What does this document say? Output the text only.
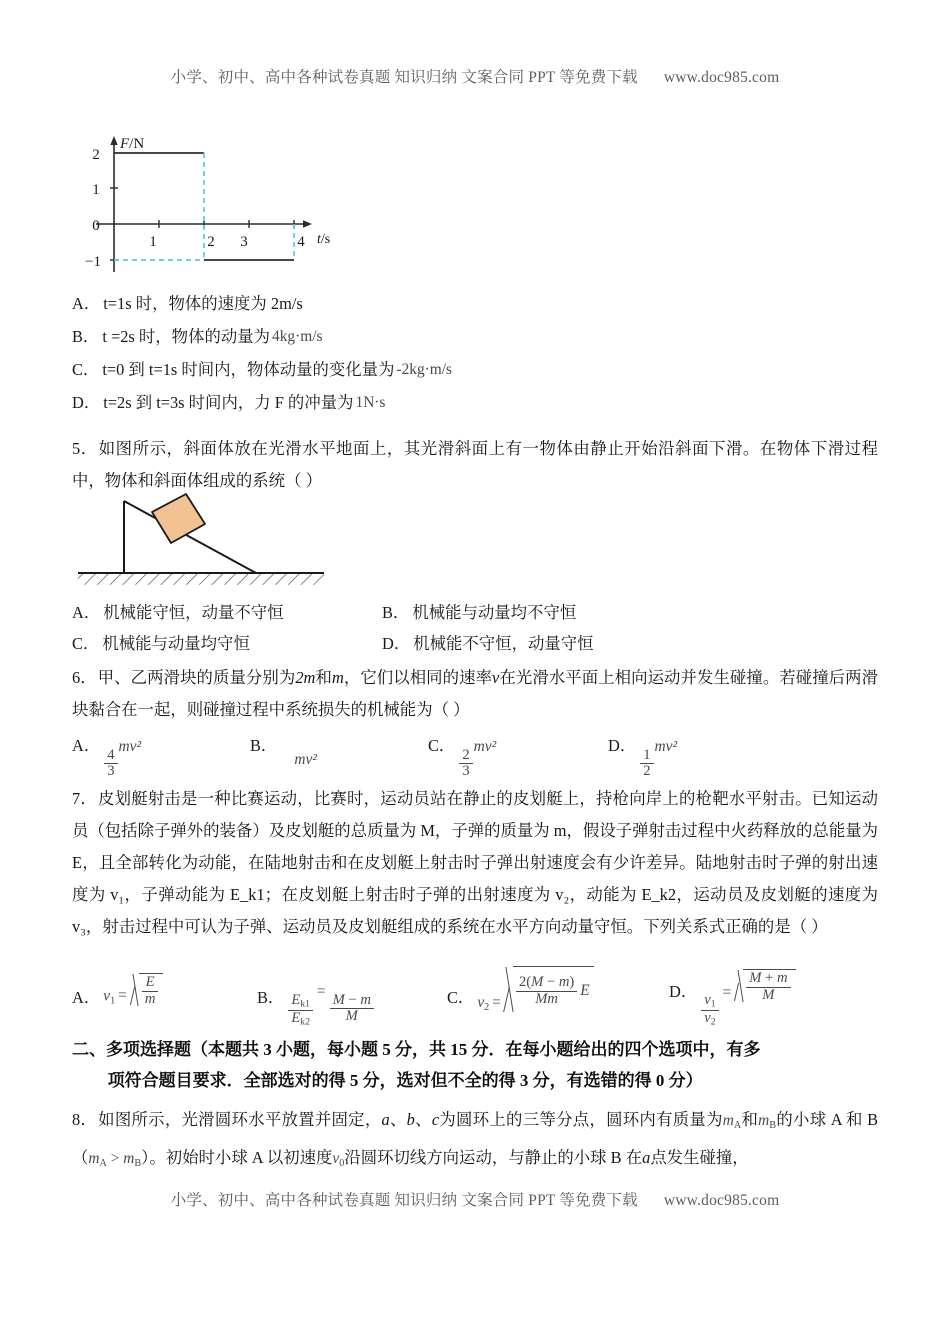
小学、初中、高中各种试卷真题 知识归纳 文案合同 PPT 等免费下载 www.doc985.com
F/N
t/s
2
1
0
−1
1	2 3	4
A． t=1s 时，物体的速度为 2m/s
B． t =2s 时，物体的动量为 4kg·m/s
C． t=0 到 t=1s 时间内，物体动量的变化量为 -2kg·m/s
D． t=2s 到 t=3s 时间内，力 F 的冲量为 1N·s
5．如图所示，斜面体放在光滑水平地面上，其光滑斜面上有一物体由静止开始沿斜面下滑。在物体下滑过程中，物体和斜面体组成的系统（ ）
A． 机械能守恒，动量不守恒	B． 机械能与动量均不守恒
C． 机械能与动量均守恒	D． 机械能不守恒，动量守恒
6．甲、乙两滑块的质量分别为2m和m，它们以相同的速率v在光滑水平面上相向运动并发生碰撞。若碰撞后两滑块黏合在一起，则碰撞过程中系统损失的机械能为（ ）
A．
$\frac{4}{3}$
mv²	B．
mv²
C．
$\frac{2}{3}$
mv²	D．
$\frac{1}{2}$
mv²
7．皮划艇射击是一种比赛运动，比赛时，运动员站在静止的皮划艇上，持枪向岸上的枪靶水平射击。已知运动员（包括除子弹外的装备）及皮划艇的总质量为 M，子弹的质量为 m，假设子弹射击过程中火药释放的总能量为 E，且全部转化为动能，在陆地射击和在皮划艇上射击时子弹出射速度会有少许差异。陆地射击时子弹的射出速度为 v₁，子弹动能为 E_k1；在皮划艇上射击时子弹的出射速度为 v₂，动能为 E_k2，运动员及皮划艇的速度为 v₃，射击过程中可认为子弹、运动员及皮划艇组成的系统在水平方向动量守恒。下列关系式正确的是（ ）
A． $v_1 = \frac{E}{m}$	B． $\frac{E_{k1}}{E_{k2}}$
=
$\frac{M - m}{M}$	C． $v_2 = \frac{2(M - m)}{Mm}$ E	D．
$\frac{v_1}{v_2}$
= $\frac{M + m}{M}$
二、多项选择题（本题共 3 小题，每小题 5 分，共 15 分．在每小题给出的四个选项中，有多
项符合题目要求．全部选对的得 5 分，选对但不全的得 3 分，有选错的得 0 分）
8．如图所示，光滑圆环水平放置并固定，a、b、c为圆环上的三等分点，圆环内有质量为$m_A$和$m_B$的小球 A 和 $B(m_A > m_B)$。初始时小球 A 以初速度$v_0$沿圆环切线方向运动，与静止的小球 B 在a点发生碰撞，
小学、初中、高中各种试卷真题 知识归纳 文案合同 PPT 等免费下载 www.doc985.com
